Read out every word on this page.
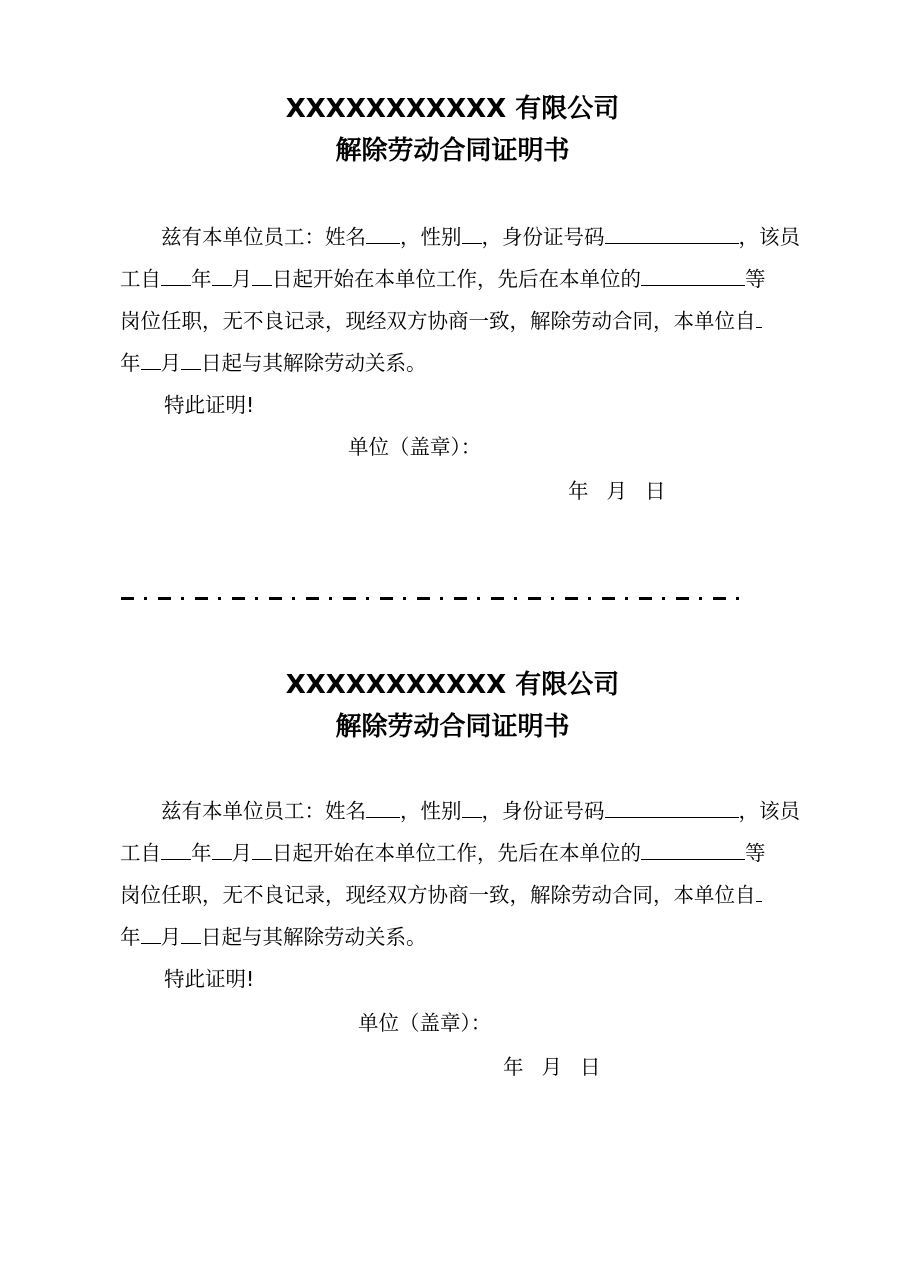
XXXXXXXXXXX 有限公司

解除劳动合同证明书

兹有本单位员工：姓名 ，性别 ，身份证号码	，该员
工自 年 月 日起开始在本单位工作，先后在本单位的	等
岗位任职，无不良记录，现经双方协商一致，解除劳动合同，本单位自
年 月 日起与其解除劳动关系。
特此证明!
单位（盖章）：
年 月 日

XXXXXXXXXXX 有限公司

解除劳动合同证明书

兹有本单位员工：姓名 ，性别 ，身份证号码	，该员
工自 年 月 日起开始在本单位工作，先后在本单位的	等
岗位任职，无不良记录，现经双方协商一致，解除劳动合同，本单位自
年 月 日起与其解除劳动关系。
特此证明!
单位（盖章）：
年 月 日
